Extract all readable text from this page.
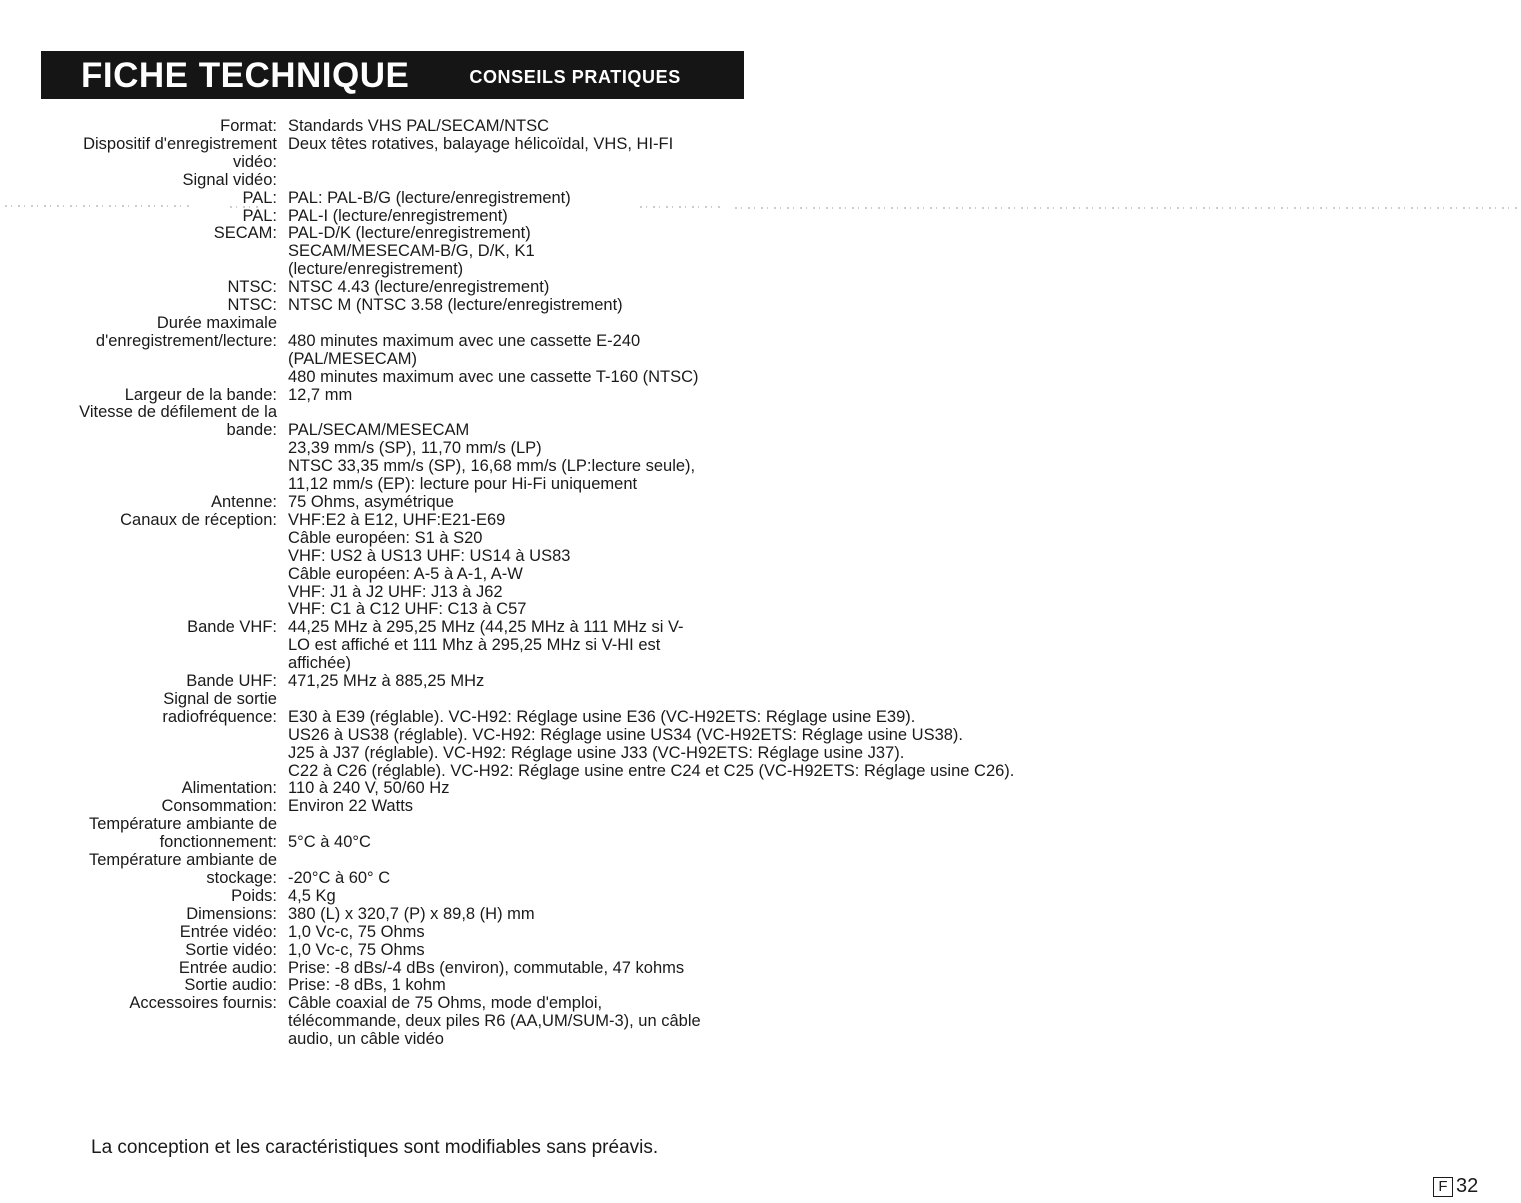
FICHE TECHNIQUE	CONSEILS PRATIQUES
Format: Standards VHS PAL/SECAM/NTSC
Dispositif d'enregistrement
vidéo:
Deux têtes rotatives, balayage hélicoïdal, VHS, HI-FI
Signal vidéo:
PAL: PAL: PAL-B/G (lecture/enregistrement)
PAL: PAL-I (lecture/enregistrement)
SECAM: PAL-D/K (lecture/enregistrement)
SECAM/MESECAM-B/G, D/K, K1
(lecture/enregistrement)
NTSC: NTSC 4.43 (lecture/enregistrement)
NTSC: NTSC M (NTSC 3.58 (lecture/enregistrement)
Durée maximale
d'enregistrement/lecture: 480 minutes maximum avec une cassette E-240
(PAL/MESECAM)
480 minutes maximum avec une cassette T-160 (NTSC)
Largeur de la bande: 12,7 mm
Vitesse de défilement de la
bande: PAL/SECAM/MESECAM
23,39 mm/s (SP), 11,70 mm/s (LP)
NTSC 33,35 mm/s (SP), 16,68 mm/s (LP:lecture seule),
11,12 mm/s (EP): lecture pour Hi-Fi uniquement
Antenne: 75 Ohms, asymétrique
Canaux de réception: VHF:E2 à E12, UHF:E21-E69
Câble européen: S1 à S20
VHF: US2 à US13 UHF: US14 à US83
Câble européen: A-5 à A-1, A-W
VHF: J1 à J2 UHF: J13 à J62
VHF: C1 à C12 UHF: C13 à C57
Bande VHF: 44,25 MHz à 295,25 MHz (44,25 MHz à 111 MHz si V-
LO est affiché et 111 Mhz à 295,25 MHz si V-HI est
affichée)
Bande UHF: 471,25 MHz à 885,25 MHz
Signal de sortie
radiofréquence: E30 à E39 (réglable). VC-H92: Réglage usine E36 (VC-H92ETS: Réglage usine E39).
US26 à US38 (réglable). VC-H92: Réglage usine US34 (VC-H92ETS: Réglage usine US38).
J25 à J37 (réglable). VC-H92: Réglage usine J33 (VC-H92ETS: Réglage usine J37).
C22 à C26 (réglable). VC-H92: Réglage usine entre C24 et C25 (VC-H92ETS: Réglage usine C26).
Alimentation: 110 à 240 V, 50/60 Hz
Consommation: Environ 22 Watts
Température ambiante de
fonctionnement: 5°C à 40°C
Température ambiante de
stockage: -20°C à 60° C
Poids: 4,5 Kg
Dimensions: 380 (L) x 320,7 (P) x 89,8 (H) mm
Entrée vidéo: 1,0 Vc-c, 75 Ohms
Sortie vidéo: 1,0 Vc-c, 75 Ohms
Entrée audio: Prise: -8 dBs/-4 dBs (environ), commutable, 47 kohms
Sortie audio: Prise: -8 dBs, 1 kohm
Accessoires fournis: Câble coaxial de 75 Ohms, mode d'emploi,
télécommande, deux piles R6 (AA,UM/SUM-3), un câble
audio, un câble vidéo
La conception et les caractéristiques sont modifiables sans préavis.
F 32
